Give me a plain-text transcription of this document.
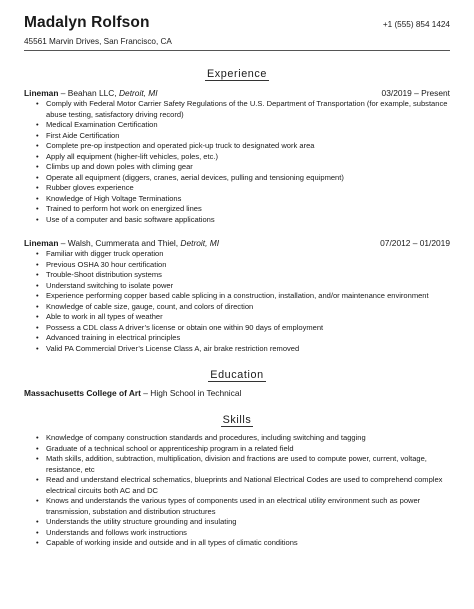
Madalyn Rolfson	+1 (555) 854 1424
45561 Marvin Drives, San Francisco, CA
Experience
Lineman – Beahan LLC, Detroit, MI	03/2019 – Present
• Comply with Federal Motor Carrier Safety Regulations of the U.S. Department of Transportation (for example, substance abuse testing, satisfactory driving record)
• Medical Examination Certification
• First Aide Certification
• Complete pre-op instpection and operated pick-up truck to designated work area
• Apply all equipment (higher-lift vehicles, poles, etc.)
• Climbs up and down poles with climing gear
• Operate all equipment (diggers, cranes, aerial devices, pulling and tensioning equipment)
• Rubber gloves experience
• Knowledge of High Voltage Terminations
• Trained to perform hot work on energized lines
• Use of a computer and basic software applications
Lineman – Walsh, Cummerata and Thiel, Detroit, MI	07/2012 – 01/2019
• Familiar with digger truck operation
• Previous OSHA 30 hour certification
• Trouble-Shoot distribution systems
• Understand switching to isolate power
• Experience performing copper based cable splicing in a construction, installation, and/or maintenance environment
• Knowledge of cable size, gauge, count, and colors of direction
• Able to work in all types of weather
• Possess a CDL class A driver’s license or obtain one within 90 days of employment
• Advanced training in electrical principles
• Valid PA Commercial Driver’s License Class A, air brake restriction removed
Education
Massachusetts College of Art – High School in Technical
Skills
• Knowledge of company construction standards and procedures, including switching and tagging
• Graduate of a technical school or apprenticeship program in a related field
• Math skills, addition, subtraction, multiplication, division and fractions are used to compute power, current, voltage, resistance, etc
• Read and understand electrical schematics, blueprints and National Electrical Codes are used to comprehend complex electrical circuits both AC and DC
• Knows and understands the various types of components used in an electrical utility environment such as power transmission, substation and distribution structures
• Understands the utility structure grounding and insulating
• Understands and follows work instructions
• Capable of working inside and outside and in all types of climatic conditions
